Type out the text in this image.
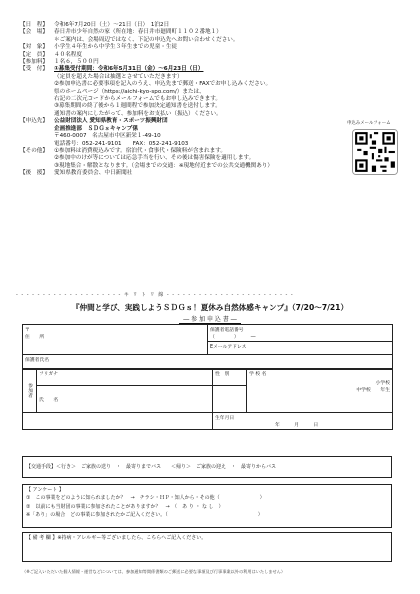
【日　程】	令和6年7月20日（土）～21日（日）　1泊2日
【会　場】	春日井市少年自然の家（所在地：春日井市廻間町１１０２番地１）
＊ご案内は、会場周辺ではなく、下記の申込先へお問い合わせください。
【対　象】	小学生４年生から中学生３年生までの児童・生徒
【定　員】	４０名程度
【参加料】	１名６，５００円
【受　付】	①募集受付期間：令和6年5月31日（金）～6月23日（日）
（定員を超えた場合は抽選とさせていただきます）
②参加申込書に必要事項を記入のうえ、申込先まで郵送・FAXでお申し込みください。
県のホームページ（https://aichi-kyo-spo.com/）または、
右記の二次元コードからメールフォームでもお申し込みできます。
③募集期間の終了後から１週間程で参加決定通知書を送付します。
通知書の案内にしたがって、参加料をお支払い（振込）ください。
【申込先】	公益財団法人 愛知県教育・スポーツ振興財団
企画推進部　ＳＤＧｓキャンプ係
〒460-0007　名古屋市中区新栄１-49-10
電話番号：052-241-9101　　FAX：052-241-9103
【その他】	①参加料は消費税込みです。宿泊代・食事代・保険料が含まれます。
②参加中のけが等については応急手当を行い、その後は傷害保険を適用します。
③現地集合・解散となります。（会場までの交通：※現地付近までの公共交通機関あり）
【後　援】	愛知県教育委員会、中日新聞社
申込みメールフォーム
- - - - - - - - - - - - - - - - - - - - キ リ ト リ 線 - - - - - - - - - - - - - - - - - - - - - - - -
『仲間と学び、実践しようＳＤＧｓ！夏休み自然体感キャンプ』（7/20～7/21）
― 参 加 申 込 書 ―
〒
住　　所	保護者電話番号
（　　　　）　　　―
Eメールアドレス
保護者氏名
参加者	フリガナ	性　別	学 校 名

小学校
中学校　　 年生

	氏　　名		
		生年月日
年　　　月　　　日	
【交通手段】＜行き＞　ご家族の送り　・　最寄りまでバス　　＜帰り＞　ご家族の迎え　・　最寄りからバス
【 アンケート 】
①　この事業をどのように知られましたか？　→　チラシ・ＨＰ・知人から・その他（　　　　　　　　）
②　以前にも当財団の事業に参加されたことがありますか？　→　（　あ り ・ な し　）
※「あり」の場合　どの事業に参加されたかご記入ください。（　　　　　　　　　　　　　　　　　　）
【 備 考 欄 】※持病・アレルギー等ございましたら、こちらへご記入ください。
（※ご記入いただいた個人情報・運営などについては、参加通知等関係書類のご郵送に必要な事項及び行事事業以外の利用はいたしません）
